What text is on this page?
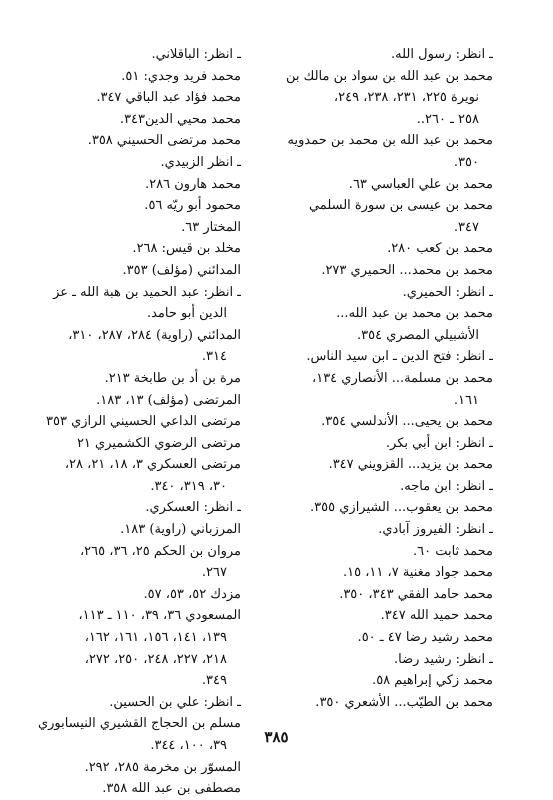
ـ انظر: رسول الله.
محمد بن عبد الله بن سواد بن مالك بن
نويرة ٢٢٥، ٢٣١، ٢٣٨، ٢٤٩،
٢٥٨ ـ ٢٦٠..
محمد بن عبد الله بن محمد بن حمدويه
٣٥٠.
محمد بن علي العباسي ٦٣.
محمد بن عيسى بن سورة السلمي
٣٤٧.
محمد بن كعب ٢٨٠.
محمد بن محمد... الحميري ٢٧٣.
ـ انظر: الحميري.
محمد بن محمد بن عبد الله...
الأشبيلي المصري ٣٥٤.
ـ انظر: فتح الدين ـ ابن سيد الناس.
محمد بن مسلمة... الأنصاري ١٣٤،
١٦١.
محمد بن يحيى... الأندلسي ٣٥٤.
ـ انظر: ابن أبي بكر.
محمد بن يزيد... القزويني ٣٤٧.
ـ انظر: ابن ماجه.
محمد بن يعقوب... الشيرازي ٣٥٥.
ـ انظر: الفيروز آبادي.
محمد ثابت ٦٠.
محمد جواد مغنية ٧، ١١، ١٥.
محمد حامد الفقي ٣٤٣، ٣٥٠.
محمد حميد الله ٣٤٧.
محمد رشيد رضا ٤٧ ـ ٥٠.
ـ انظر: رشيد رضا.
محمد زكي إبراهيم ٥٨.
محمد بن الطيّب... الأشعري ٣٥٠.
ـ انظر: الباقلاني.
محمد فريد وجدي: ٥١.
محمد فؤاد عبد الباقي ٣٤٧.
محمد محيي الدين٣٤٣.
محمد مرتضى الحسيني ٣٥٨.
ـ انظر الزبيدي.
محمد هارون ٢٨٦.
محمود أبو ريّه ٥٦.
المختار ٦٣.
مخلد بن قيس: ٢٦٨.
المدائني (مؤلف) ٣٥٣.
ـ انظر: عبد الحميد بن هبة الله ـ عز
الدين أبو حامد.
المدائني (راوية) ٢٨٤، ٢٨٧، ٣١٠،
٣١٤.
مرة بن أد بن طابخة ٢١٣.
المرتضى (مؤلف) ١٣، ١٨٣.
مرتضى الداعي الحسيني الرازي ٣٥٣
مرتضى الرضوي الكشميري ٢١
مرتضى العسكري ٣، ١٨، ٢١، ٢٨،
٣٠، ٣١٩، ٣٤٠.
ـ انظر: العسكري.
المرزباني (راوية) ١٨٣.
مروان بن الحكم ٢٥، ٣٦، ٢٦٥،
٢٦٧.
مزدك ٥٢، ٥٣، ٥٧.
المسعودي ٣٦، ٣٩، ١١٠ ـ ١١٣،
١٣٩، ١٤١، ١٥٦، ١٦١، ١٦٢،
٢١٨، ٢٢٧، ٢٤٨، ٢٥٠، ٢٧٢،
٣٤٩.
ـ انظر: علي بن الحسين.
مسلم بن الحجاج القشيري النيسابوري
٣٩، ١٠٠، ٣٤٤.
المسوّر بن مخرمة ٢٨٥، ٢٩٢.
مصطفى بن عبد الله ٣٥٨.
٣٨٥
